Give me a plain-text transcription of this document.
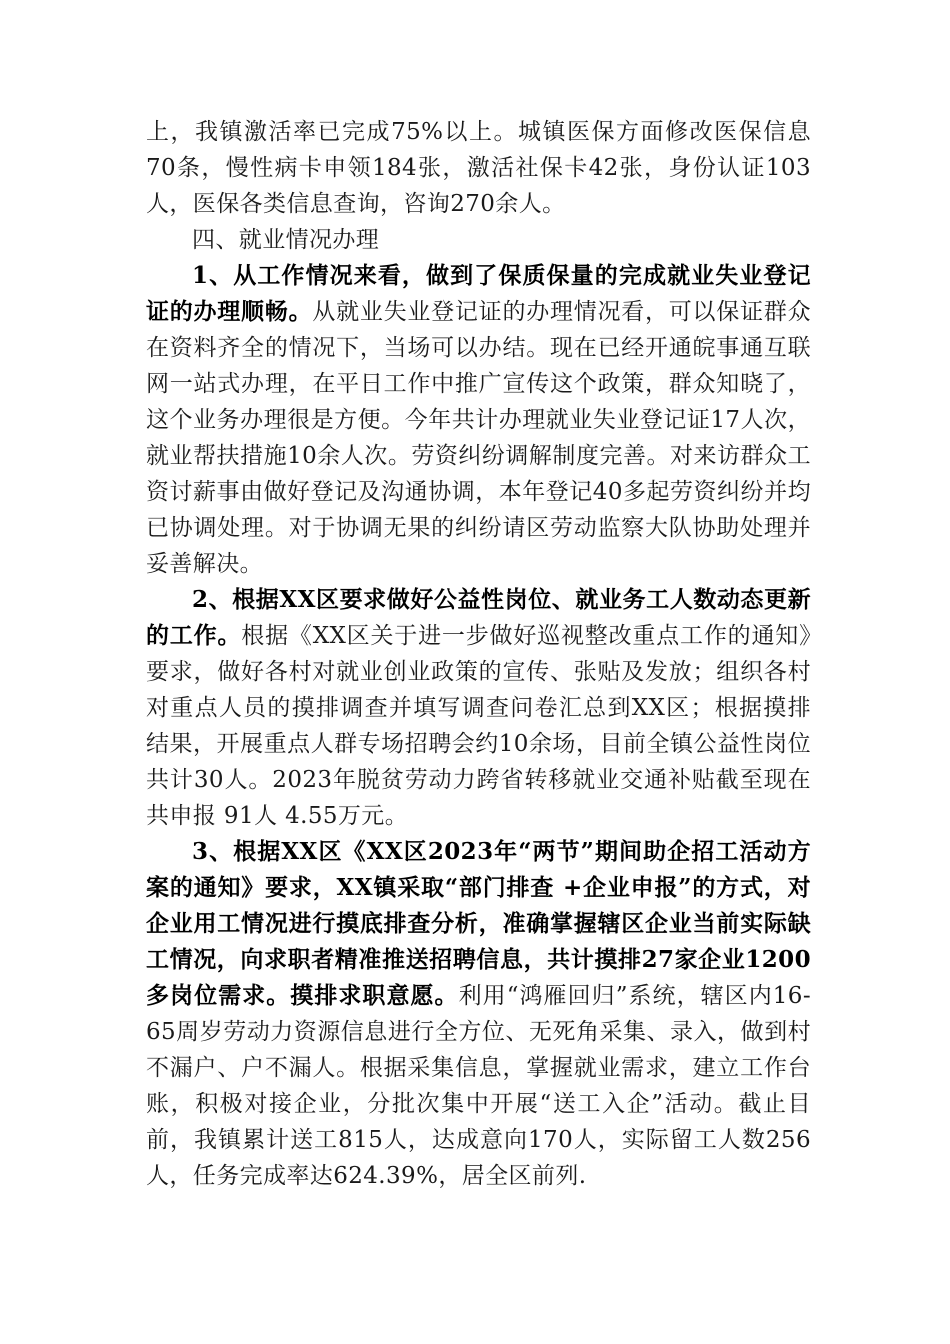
上，我镇激活率已完成75%以上。城镇医保方面修改医保信息70条，慢性病卡申领184张，激活社保卡42张，身份认证103人，医保各类信息查询，咨询270余人。

四、就业情况办理

1、从工作情况来看，做到了保质保量的完成就业失业登记证的办理顺畅。从就业失业登记证的办理情况看，可以保证群众在资料齐全的情况下，当场可以办结。现在已经开通皖事通互联网一站式办理，在平日工作中推广宣传这个政策，群众知晓了，这个业务办理很是方便。今年共计办理就业失业登记证17人次，就业帮扶措施10余人次。劳资纠纷调解制度完善。对来访群众工资讨薪事由做好登记及沟通协调，本年登记40多起劳资纠纷并均已协调处理。对于协调无果的纠纷请区劳动监察大队协助处理并妥善解决。

2、根据XX区要求做好公益性岗位、就业务工人数动态更新的工作。根据《XX区关于进一步做好巡视整改重点工作的通知》要求，做好各村对就业创业政策的宣传、张贴及发放；组织各村对重点人员的摸排调查并填写调查问卷汇总到XX区；根据摸排结果，开展重点人群专场招聘会约10余场，目前全镇公益性岗位共计30人。2023年脱贫劳动力跨省转移就业交通补贴截至现在共申报 91人 4.55万元。

3、根据XX区《XX区2023年“两节”期间助企招工活动方案的通知》要求，XX镇采取“部门排查 +企业申报”的方式，对企业用工情况进行摸底排查分析，准确掌握辖区企业当前实际缺工情况，向求职者精准推送招聘信息，共计摸排27家企业1200多岗位需求。摸排求职意愿。利用“鸿雁回归”系统，辖区内16-65周岁劳动力资源信息进行全方位、无死角采集、录入，做到村不漏户、户不漏人。根据采集信息，掌握就业需求，建立工作台账，积极对接企业，分批次集中开展“送工入企”活动。截止目前，我镇累计送工815人，达成意向170人，实际留工人数256人，任务完成率达624.39%，居全区前列.
